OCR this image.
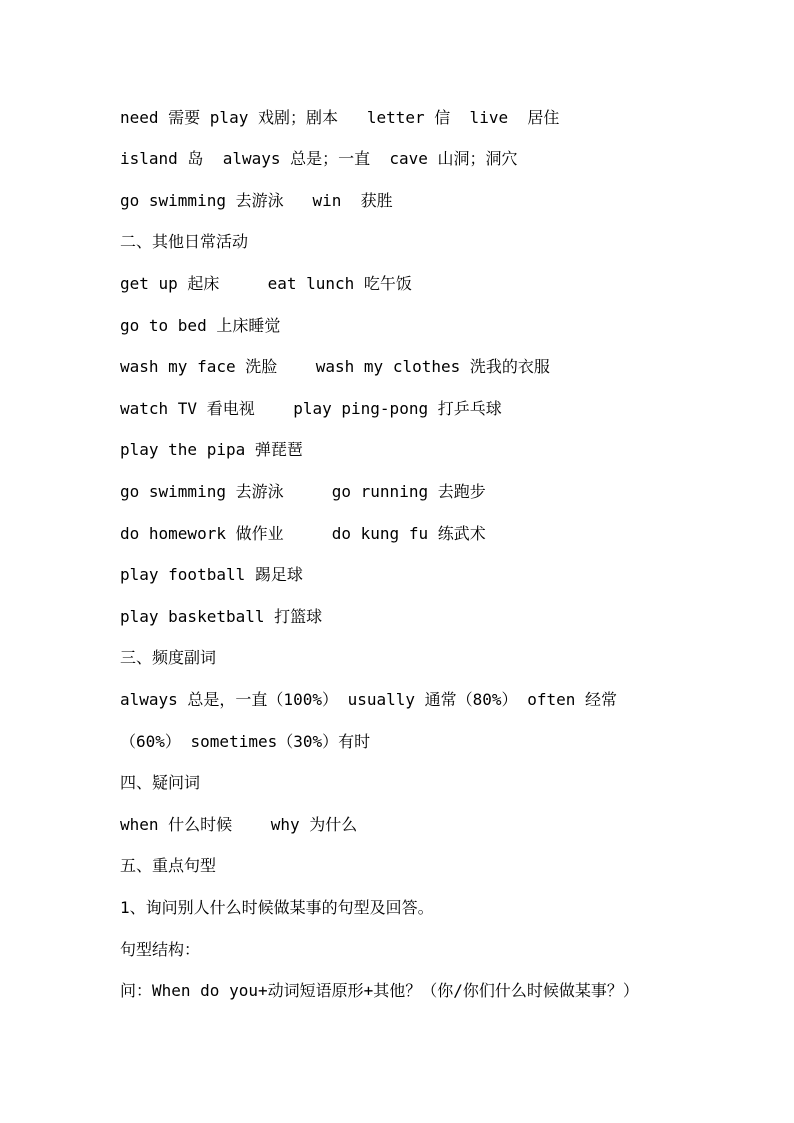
need 需要 play 戏剧；剧本   letter 信  live  居住
island 岛  always 总是；一直  cave 山洞；洞穴
go swimming 去游泳   win  获胜
二、其他日常活动
get up 起床     eat lunch 吃午饭
go to bed 上床睡觉
wash my face 洗脸    wash my clothes 洗我的衣服
watch TV 看电视    play ping-pong 打乒乓球
play the pipa 弹琵琶
go swimming 去游泳     go running 去跑步
do homework 做作业     do kung fu 练武术
play football 踢足球
play basketball 打篮球
三、频度副词
always 总是，一直（100%） usually 通常（80%） often 经常
（60%） sometimes（30%）有时
四、疑问词
when 什么时候    why 为什么
五、重点句型
1、询问别人什么时候做某事的句型及回答。
句型结构：
问：When do you+动词短语原形+其他？（你/你们什么时候做某事？）
